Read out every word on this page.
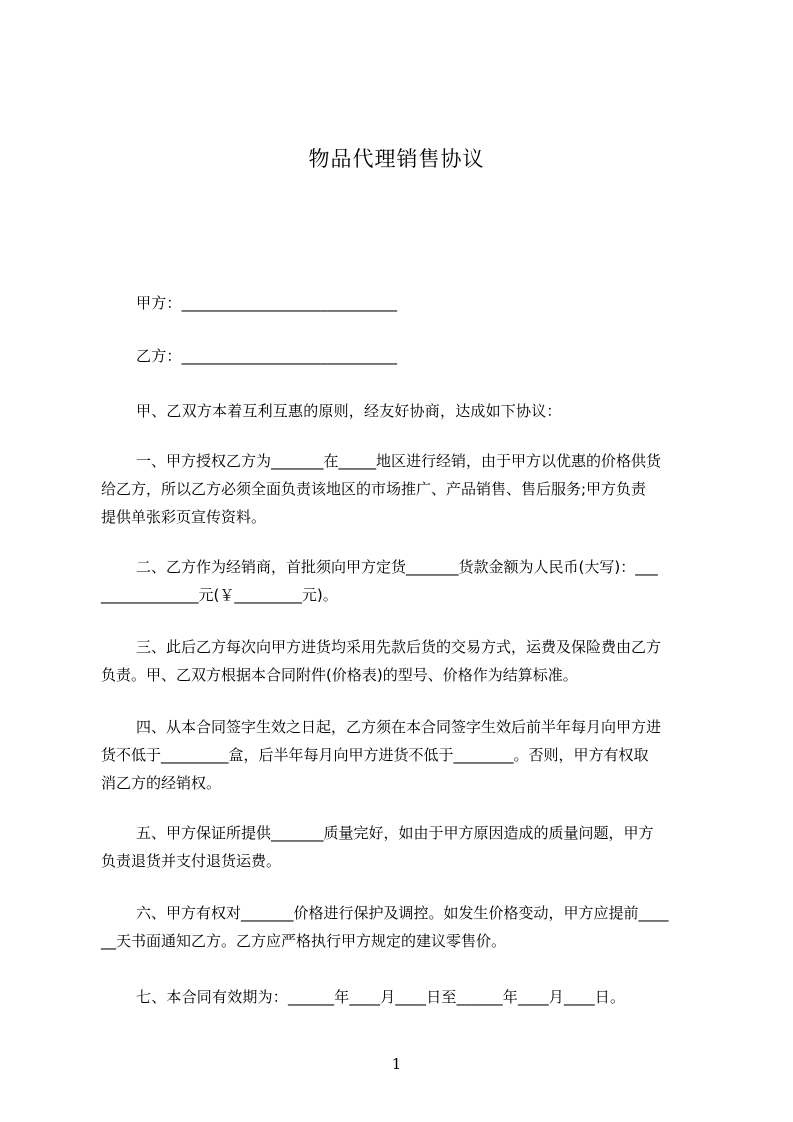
物品代理销售协议
甲方：____________________________
乙方：____________________________
甲、乙双方本着互利互惠的原则，经友好协商，达成如下协议：
一、甲方授权乙方为_______在_____地区进行经销，由于甲方以优惠的价格供货
给乙方，所以乙方必须全面负责该地区的市场推广、产品销售、售后服务;甲方负责
提供单张彩页宣传资料。
二、乙方作为经销商，首批须向甲方定货_______货款金额为人民币(大写)：___
_____________元(￥_________元)。
三、此后乙方每次向甲方进货均采用先款后货的交易方式，运费及保险费由乙方
负责。甲、乙双方根据本合同附件(价格表)的型号、价格作为结算标准。
四、从本合同签字生效之日起，乙方须在本合同签字生效后前半年每月向甲方进
货不低于_________盒，后半年每月向甲方进货不低于________。否则，甲方有权取
消乙方的经销权。
五、甲方保证所提供_______质量完好，如由于甲方原因造成的质量问题，甲方
负责退货并支付退货运费。
六、甲方有权对_______价格进行保护及调控。如发生价格变动，甲方应提前____
__天书面通知乙方。乙方应严格执行甲方规定的建议零售价。
七、本合同有效期为：______年____月____日至______年____月____日。
1
